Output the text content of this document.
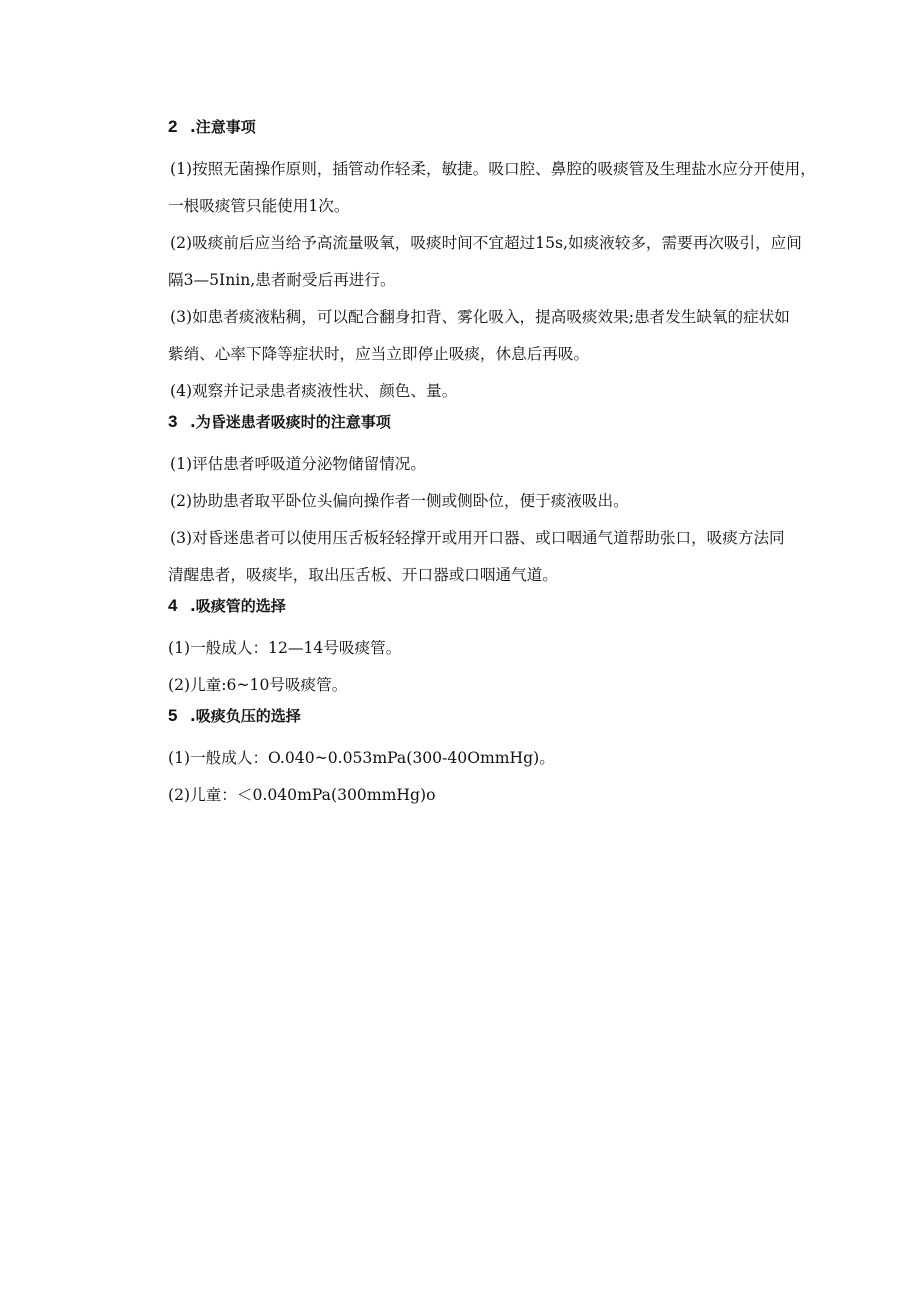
2 .注意事项

(1)按照无菌操作原则，插管动作轻柔，敏捷。吸口腔、鼻腔的吸痰管及生理盐水应分开使用，

一根吸痰管只能使用1次。

(2)吸痰前后应当给予高流量吸氧，吸痰时间不宜超过15s,如痰液较多，需要再次吸引，应间

隔3—5Inin,患者耐受后再进行。

(3)如患者痰液粘稠，可以配合翻身扣背、雾化吸入，提高吸痰效果;患者发生缺氧的症状如

紫绡、心率下降等症状时，应当立即停止吸痰，休息后再吸。

(4)观察并记录患者痰液性状、颜色、量。

3 .为昏迷患者吸痰时的注意事项

(1)评估患者呼吸道分泌物储留情况。

(2)协助患者取平卧位头偏向操作者一侧或侧卧位，便于痰液吸出。

(3)对昏迷患者可以使用压舌板轻轻撑开或用开口器、或口咽通气道帮助张口，吸痰方法同

清醒患者，吸痰毕，取出压舌板、开口器或口咽通气道。

4 .吸痰管的选择

(1)一般成人：12—14号吸痰管。

(2)儿童:6~10号吸痰管。

5 .吸痰负压的选择

(1)一般成人：O.040~0.053mPa(300-40OmmHg)。

(2)儿童：＜0.040mPa(300mmHg)o
